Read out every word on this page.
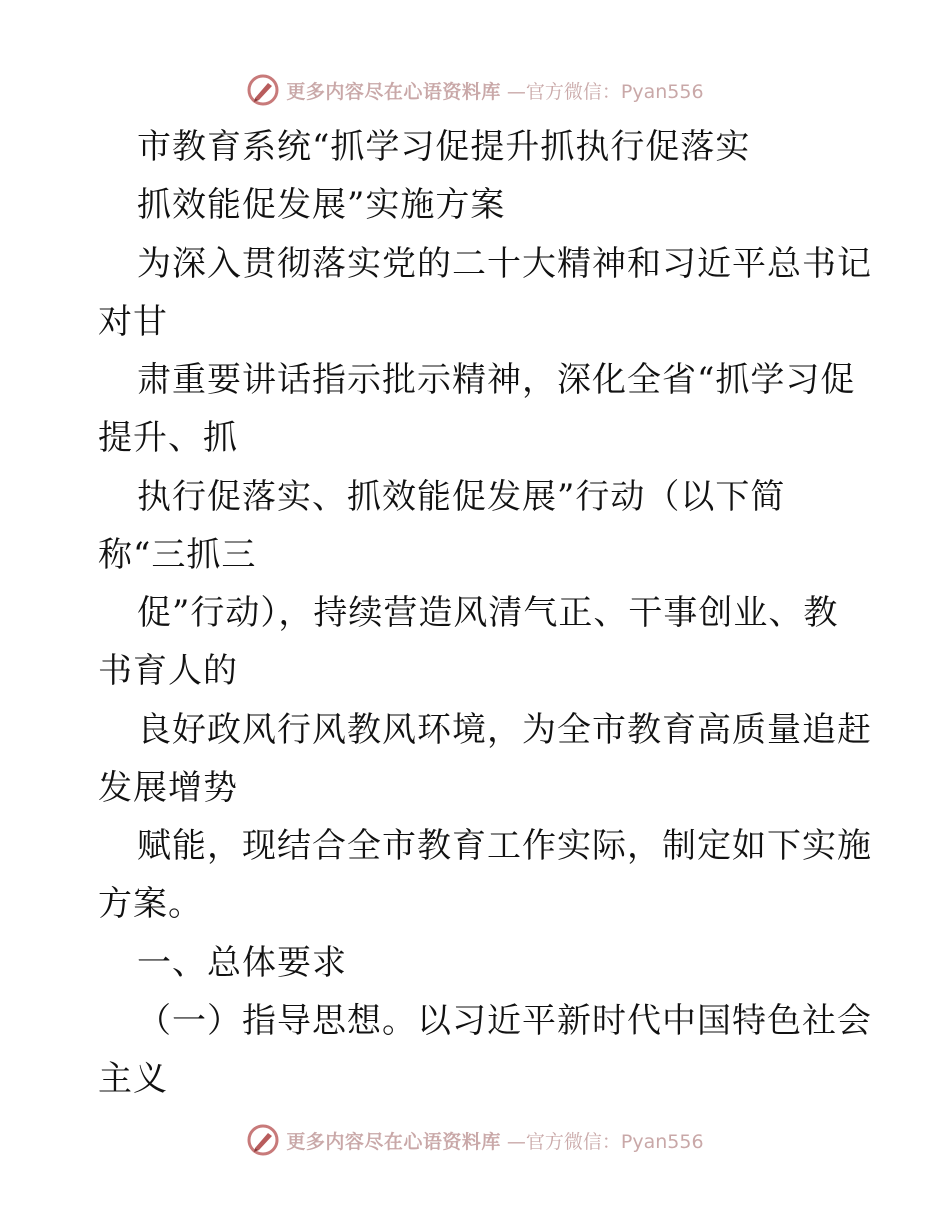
更多内容尽在心语资料库 —官方微信：Pyan556
市教育系统“抓学习促提升抓执行促落实
抓效能促发展”实施方案
为深入贯彻落实党的二十大精神和习近平总书记
对甘
肃重要讲话指示批示精神，深化全省“抓学习促
提升、抓
执行促落实、抓效能促发展”行动（以下简
称“三抓三
促”行动），持续营造风清气正、干事创业、教
书育人的
良好政风行风教风环境，为全市教育高质量追赶
发展增势
赋能，现结合全市教育工作实际，制定如下实施
方案。
一、总体要求
（一）指导思想。以习近平新时代中国特色社会
主义
更多内容尽在心语资料库 —官方微信：Pyan556
